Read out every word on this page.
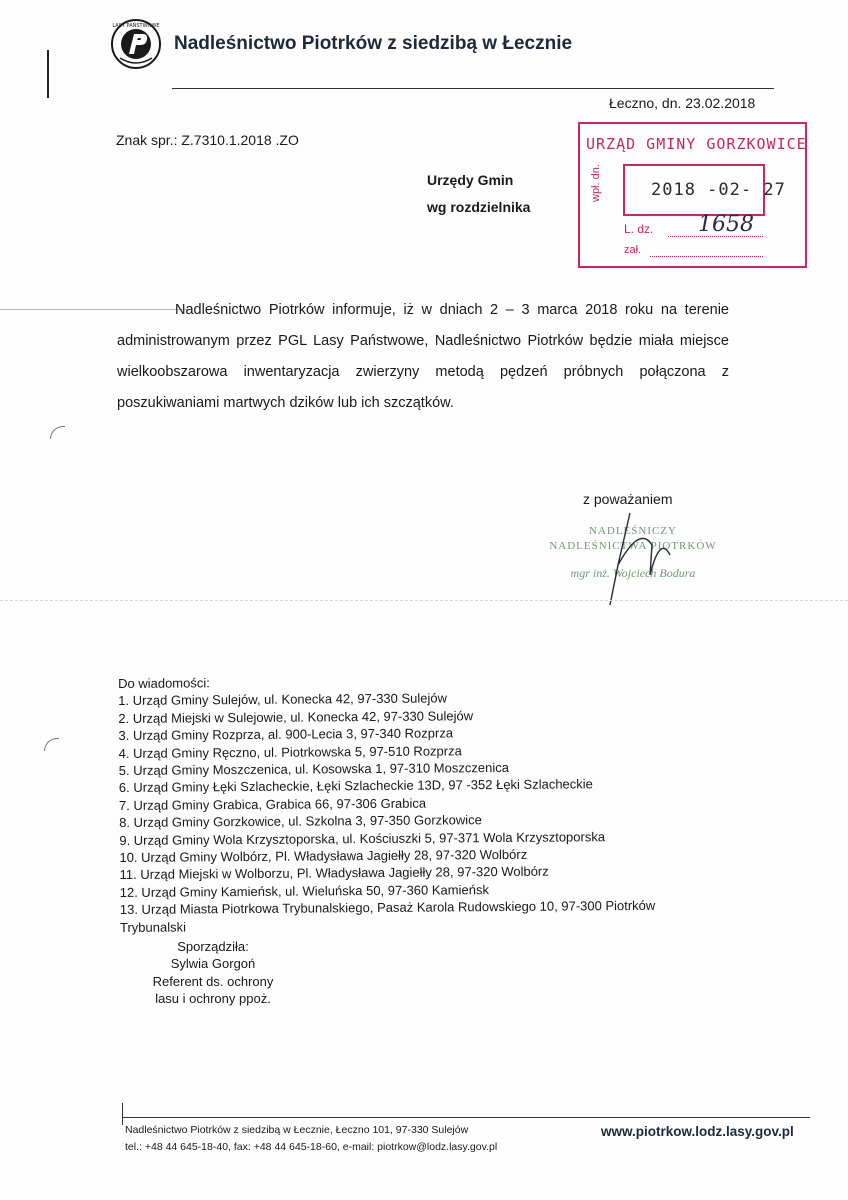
LASY PAŃSTWOWE
Nadleśnictwo Piotrków z siedzibą w Łecznie
Łeczno, dn. 23.02.2018
Znak spr.: Z.7310.1.2018 .ZO
Urzędy Gmin
wg rozdzielnika
URZĄD GMINY GORZKOWICE
wpł. dn.	2018 -02- 27
L. dz. 1658
zał.

Nadleśnictwo Piotrków informuje, iż w dniach 2 – 3 marca 2018 roku na terenie administrowanym przez PGL Lasy Państwowe, Nadleśnictwo Piotrków będzie miała miejsce wielkoobszarowa inwentaryzacja zwierzyny metodą pędzeń próbnych połączona z poszukiwaniami martwych dzików lub ich szczątków.

z poważaniem
NADLEŚNICZY
NADLEŚNICTWA PIOTRKÓW
mgr inż. Wojciech Bodura
Do wiadomości:
1. Urząd Gminy Sulejów, ul. Konecka 42, 97-330 Sulejów
2. Urząd Miejski w Sulejowie, ul. Konecka 42, 97-330 Sulejów
3. Urząd Gminy Rozprza, al. 900-Lecia 3, 97-340 Rozprza
4. Urząd Gminy Ręczno, ul. Piotrkowska 5, 97-510 Rozprza
5. Urząd Gminy Moszczenica, ul. Kosowska 1, 97-310 Moszczenica
6. Urząd Gminy Łęki Szlacheckie, Łęki Szlacheckie 13D, 97 -352 Łęki Szlacheckie
7. Urząd Gminy Grabica, Grabica 66, 97-306 Grabica
8. Urząd Gminy Gorzkowice, ul. Szkolna 3, 97-350 Gorzkowice
9. Urząd Gminy Wola Krzysztoporska, ul. Kościuszki 5, 97-371 Wola Krzysztoporska
10. Urząd Gminy Wolbórz, Pl. Władysława Jagiełły 28, 97-320 Wolbórz
11. Urząd Miejski w Wolborzu, Pl. Władysława Jagiełły 28, 97-320 Wolbórz
12. Urząd Gminy Kamieńsk, ul. Wieluńska 50, 97-360 Kamieńsk
13. Urząd Miasta Piotrkowa Trybunalskiego, Pasaż Karola Rudowskiego 10, 97-300 Piotrków
Trybunalski
Sporządziła:
Sylwia Gorgoń
Referent ds. ochrony
lasu i ochrony ppoż.
Nadleśnictwo Piotrków z siedzibą w Łecznie, Łeczno 101, 97-330 Sulejów
tel.: +48 44 645-18-40, fax: +48 44 645-18-60, e-mail: piotrkow@lodz.lasy.gov.pl
www.piotrkow.lodz.lasy.gov.pl
